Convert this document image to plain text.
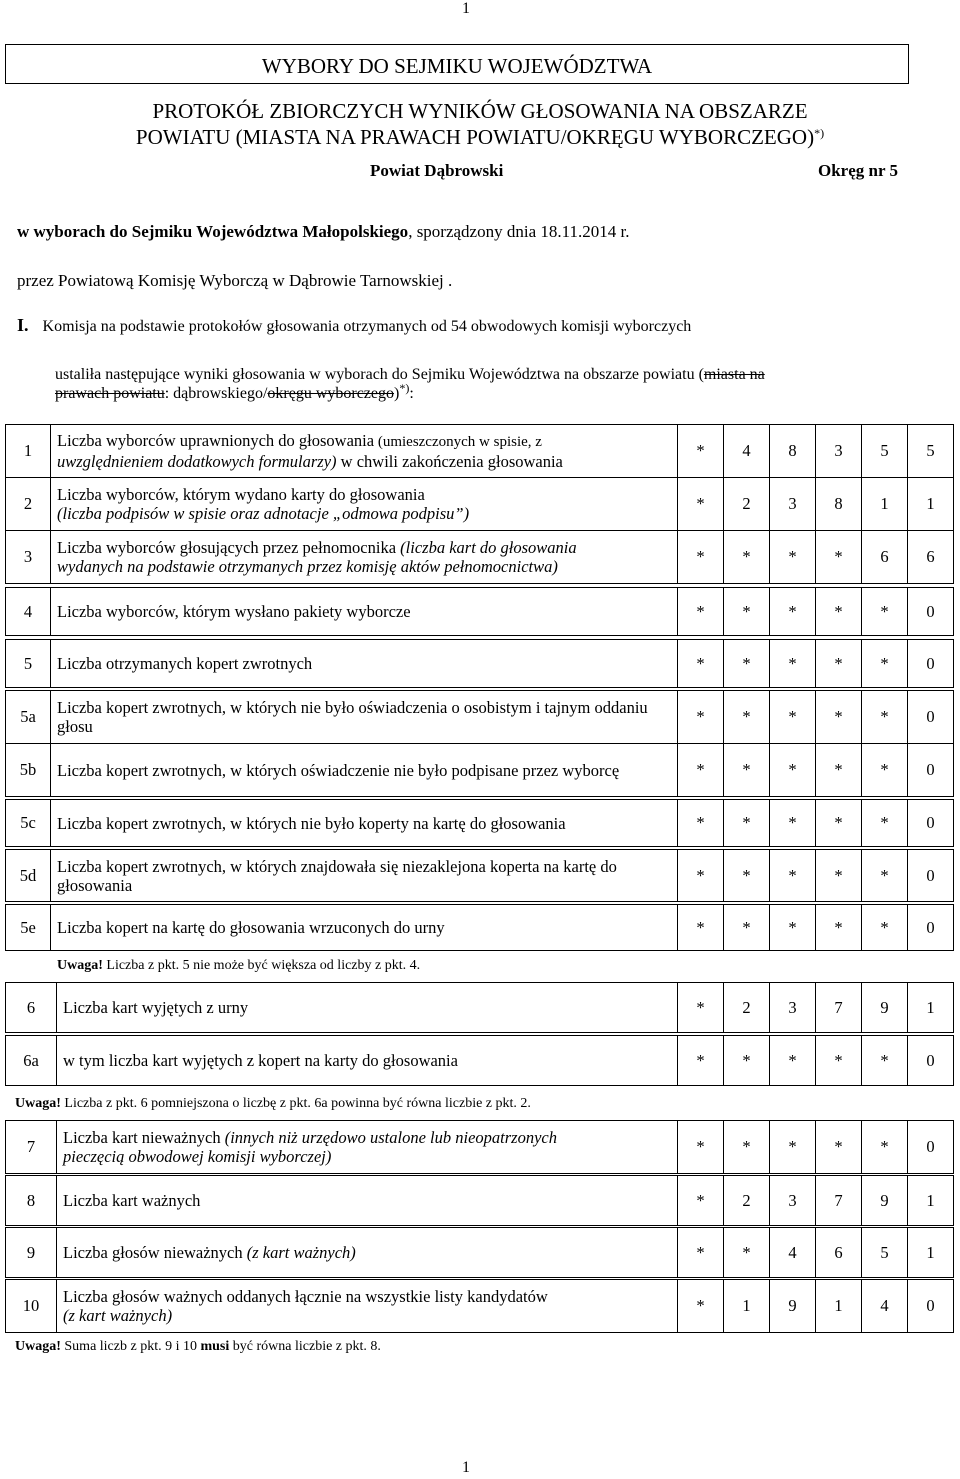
1
WYBORY DO SEJMIKU WOJEWÓDZTWA
PROTOKÓŁ ZBIORCZYCH WYNIKÓW GŁOSOWANIA NA OBSZARZE
POWIATU (MIASTA NA PRAWACH POWIATU/OKRĘGU WYBORCZEGO)*)
Powiat Dąbrowski	Okręg nr 5
w wyborach do Sejmiku Województwa Małopolskiego, sporządzony dnia 18.11.2014 r.
przez Powiatową Komisję Wyborczą w Dąbrowie Tarnowskiej .
I. Komisja na podstawie protokołów głosowania otrzymanych od 54 obwodowych komisji wyborczych
ustaliła następujące wyniki głosowania w wyborach do Sejmiku Województwa na obszarze powiatu (miasta na
prawach powiatu: dąbrowskiego/okręgu wyborczego)*):
1	Liczba wyborców uprawnionych do głosowania (umieszczonych w spisie, z
uwzględnieniem dodatkowych formularzy) w chwili zakończenia głosowania	*	4	8	3	5	5
2	Liczba wyborców, którym wydano karty do głosowania
(liczba podpisów w spisie oraz adnotacje „odmowa podpisu”)	*	2	3	8	1	1
3	Liczba wyborców głosujących przez pełnomocnika (liczba kart do głosowania
wydanych na podstawie otrzymanych przez komisję aktów pełnomocnictwa)	*	*	*	*	6	6
4	Liczba wyborców, którym wysłano pakiety wyborcze	*	*	*	*	*	0
5	Liczba otrzymanych kopert zwrotnych	*	*	*	*	*	0
5a	Liczba kopert zwrotnych, w których nie było oświadczenia o osobistym i tajnym oddaniu głosu	*	*	*	*	*	0
5b	Liczba kopert zwrotnych, w których oświadczenie nie było podpisane przez wyborcę	*	*	*	*	*	0
5c	Liczba kopert zwrotnych, w których nie było koperty na kartę do głosowania	*	*	*	*	*	0
5d	Liczba kopert zwrotnych, w których znajdowała się niezaklejona koperta na kartę do głosowania	*	*	*	*	*	0
5e	Liczba kopert na kartę do głosowania wrzuconych do urny	*	*	*	*	*	0
Uwaga! Liczba z pkt. 5 nie może być większa od liczby z pkt. 4.
6	Liczba kart wyjętych z urny	*	2	3	7	9	1
6a	w tym liczba kart wyjętych z kopert na karty do głosowania	*	*	*	*	*	0
Uwaga! Liczba z pkt. 6 pomniejszona o liczbę z pkt. 6a powinna być równa liczbie z pkt. 2.
7	Liczba kart nieważnych (innych niż urzędowo ustalone lub nieopatrzonych
pieczęcią obwodowej komisji wyborczej)	*	*	*	*	*	0
8	Liczba kart ważnych	*	2	3	7	9	1
9	Liczba głosów nieważnych (z kart ważnych)	*	*	4	6	5	1
10	Liczba głosów ważnych oddanych łącznie na wszystkie listy kandydatów
(z kart ważnych)	*	1	9	1	4	0
Uwaga! Suma liczb z pkt. 9 i 10 musi być równa liczbie z pkt. 8.
1
